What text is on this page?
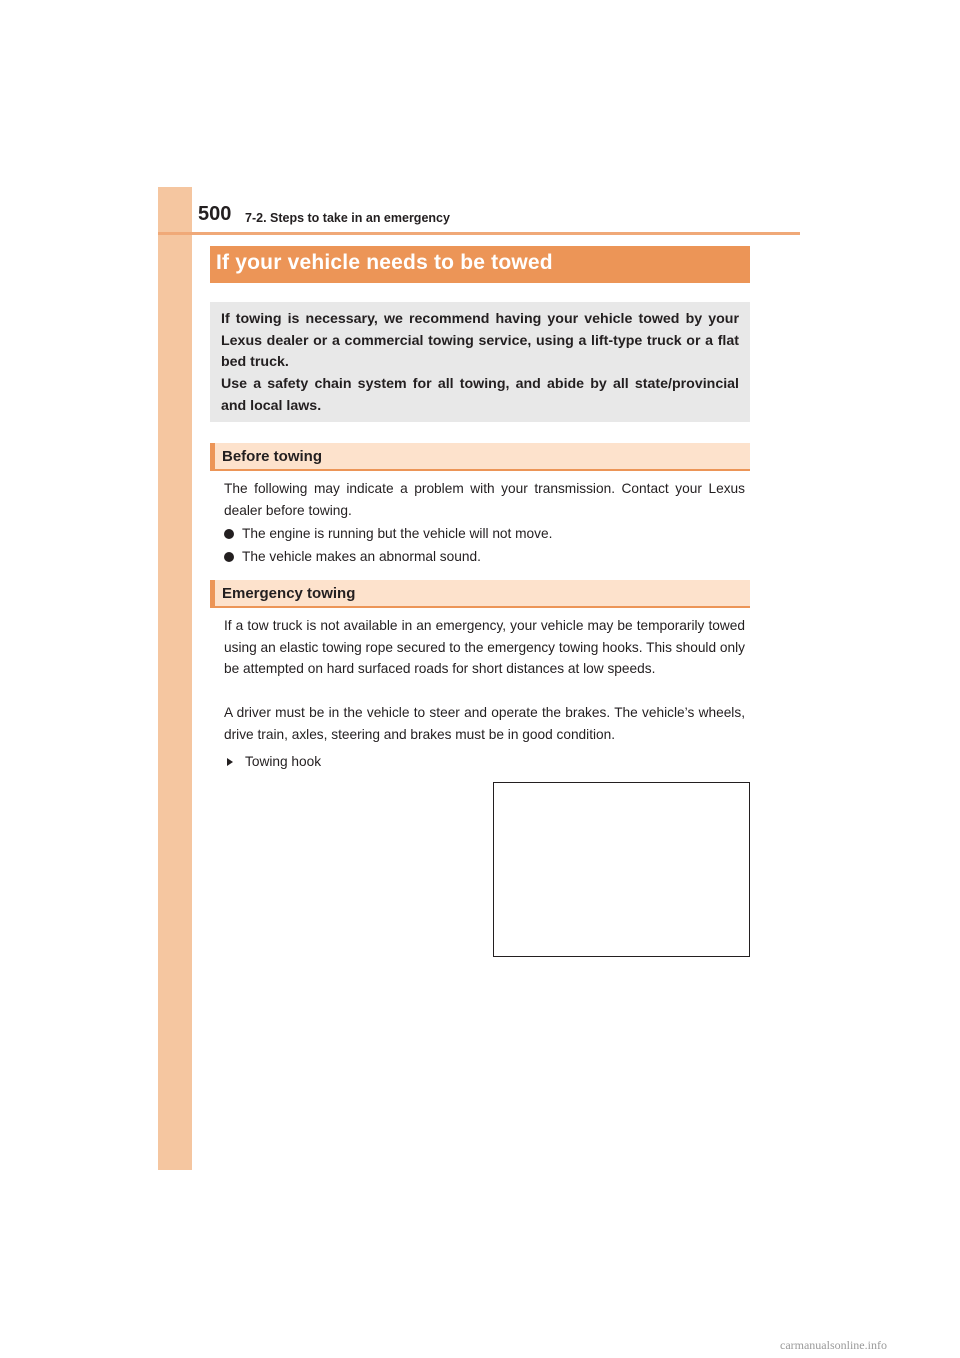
500 7-2. Steps to take in an emergency
If your vehicle needs to be towed

If towing is necessary, we recommend having your vehicle towed by your Lexus dealer or a commercial towing service, using a lift-type truck or a flat bed truck.

Use a safety chain system for all towing, and abide by all state/provincial and local laws.

Before towing

The following may indicate a problem with your transmission. Contact your Lexus dealer before towing.

The engine is running but the vehicle will not move.
The vehicle makes an abnormal sound.
Emergency towing

If a tow truck is not available in an emergency, your vehicle may be temporarily towed using an elastic towing rope secured to the emergency towing hooks. This should only be attempted on hard surfaced roads for short distances at low speeds.

A driver must be in the vehicle to steer and operate the brakes. The vehicle’s wheels, drive train, axles, steering and brakes must be in good condition.

Towing hook
carmanualsonline.info
